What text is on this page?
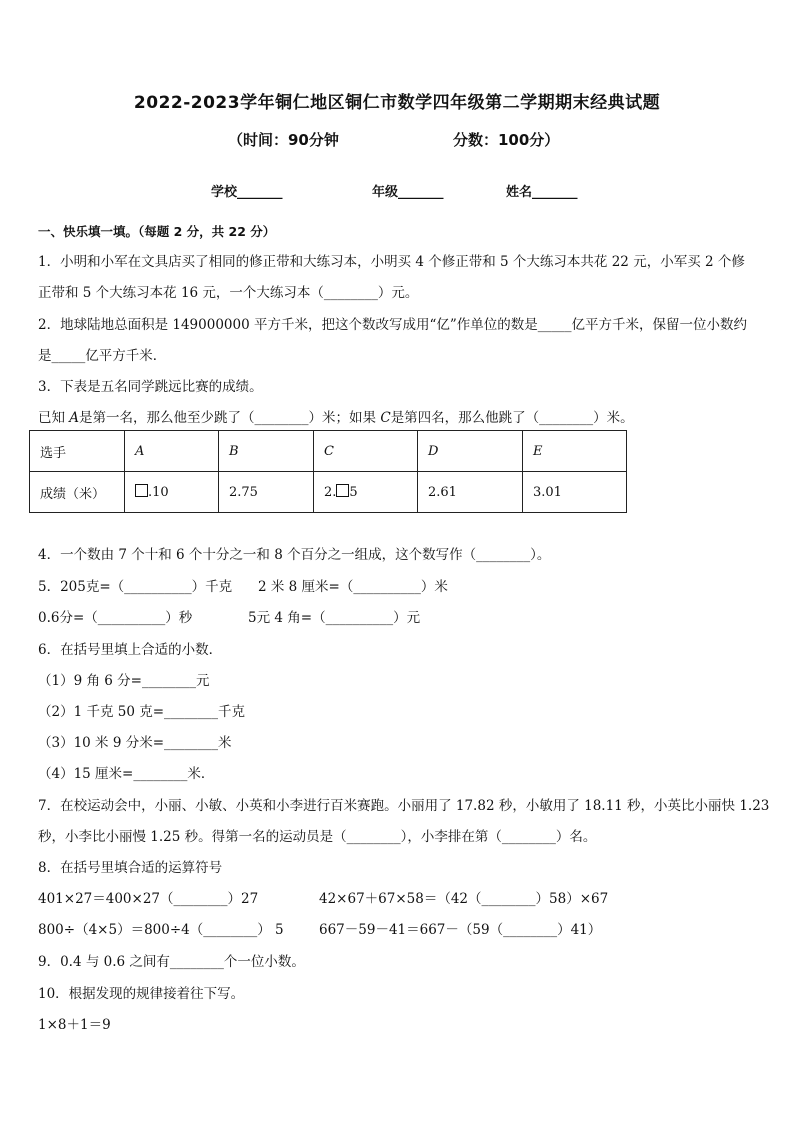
2022-2023学年铜仁地区铜仁市数学四年级第二学期期末经典试题
（时间：90分钟	分数：100分）
学校_______	年级_______	姓名_______
一、快乐填一填。（每题 2 分，共 22 分）
1．小明和小军在文具店买了相同的修正带和大练习本，小明买 4 个修正带和 5 个大练习本共花 22 元，小军买 2 个修
正带和 5 个大练习本花 16 元，一个大练习本（________）元。
2．地球陆地总面积是 149000000 平方千米，把这个数改写成用“亿”作单位的数是_____亿平方千米，保留一位小数约
是_____亿平方千米．
3．下表是五名同学跳远比赛的成绩。
已知 A是第一名，那么他至少跳了（________）米；如果 C是第四名，那么他跳了（________）米。
选手	A	B	C	D	E
成绩（米）	.10	2.75	2. 5	2.61	3.01
4．一个数由 7 个十和 6 个十分之一和 8 个百分之一组成，这个数写作（________）。
5．205克=（__________）千克 2 米 8 厘米=（__________）米
0.6分=（__________）秒	5元 4 角=（__________）元
6．在括号里填上合适的小数．
（1）9 角 6 分=________元
（2）1 千克 50 克=________千克
（3）10 米 9 分米=________米
（4）15 厘米=________米．
7．在校运动会中，小丽、小敏、小英和小李进行百米赛跑。小丽用了 17.82 秒，小敏用了 18.11 秒，小英比小丽快 1.23
秒，小李比小丽慢 1.25 秒。得第一名的运动员是（________），小李排在第（________）名。
8．在括号里填合适的运算符号
401×27＝400×27（________）27	42×67＋67×58＝（42（________）58）×67
800÷（4×5）＝800÷4（________） 5	667－59－41＝667－（59（________）41）
9．0.4 与 0.6 之间有________个一位小数。
10．根据发现的规律接着往下写。
1×8＋1＝9
